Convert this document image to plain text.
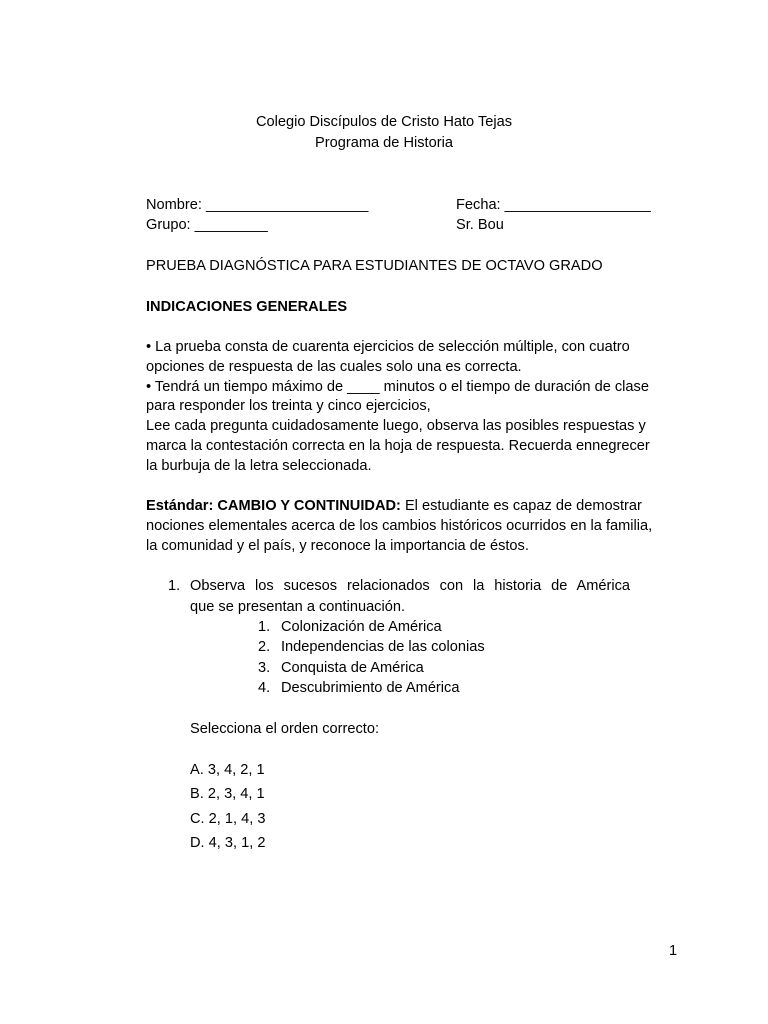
Colegio Discípulos de Cristo Hato Tejas
Programa de Historia
Nombre: ____________________	Fecha: __________________
Grupo: _________	Sr. Bou
PRUEBA DIAGNÓSTICA PARA ESTUDIANTES DE OCTAVO GRADO
INDICACIONES GENERALES
• La prueba consta de cuarenta ejercicios de selección múltiple, con cuatro
opciones de respuesta de las cuales solo una es correcta.
• Tendrá un tiempo máximo de ____ minutos o el tiempo de duración de clase
para responder los treinta y cinco ejercicios,
Lee cada pregunta cuidadosamente luego, observa las posibles respuestas y
marca la contestación correcta en la hoja de respuesta. Recuerda ennegrecer
la burbuja de la letra seleccionada.
Estándar: CAMBIO Y CONTINUIDAD: El estudiante es capaz de demostrar
nociones elementales acerca de los cambios históricos ocurridos en la familia,
la comunidad y el país, y reconoce la importancia de éstos.
1. Observa los sucesos relacionados con la historia de América
que se presentan a continuación.
1. Colonización de América
2. Independencias de las colonias
3. Conquista de América
4. Descubrimiento de América
Selecciona el orden correcto:
A. 3, 4, 2, 1
B. 2, 3, 4, 1
C. 2, 1, 4, 3
D. 4, 3, 1, 2
1
